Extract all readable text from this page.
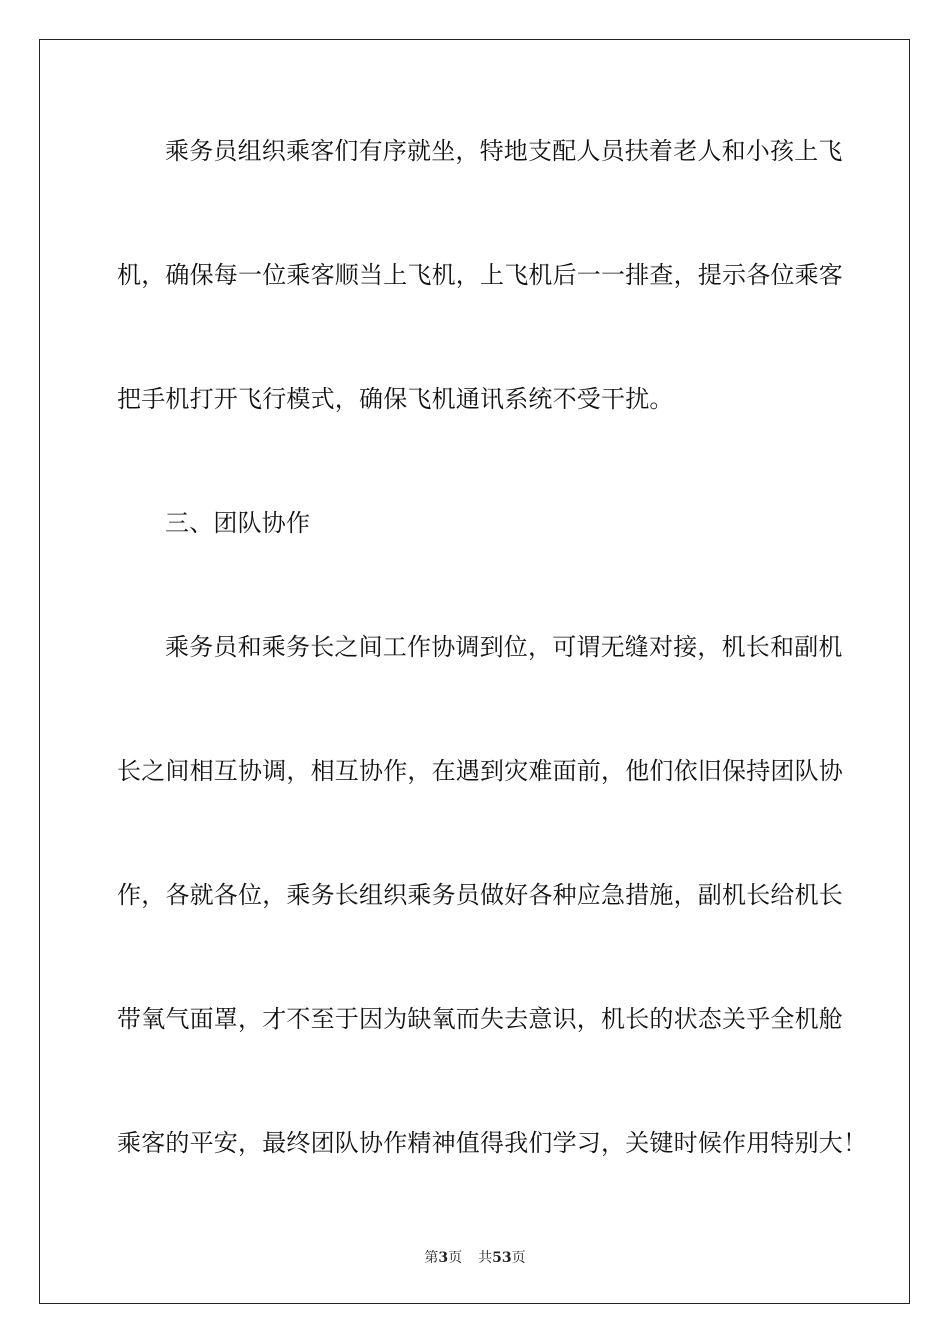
乘务员组织乘客们有序就坐，特地支配人员扶着老人和小孩上飞
机，确保每一位乘客顺当上飞机，上飞机后一一排查，提示各位乘客
把手机打开飞行模式，确保飞机通讯系统不受干扰。
三、团队协作
乘务员和乘务长之间工作协调到位，可谓无缝对接，机长和副机
长之间相互协调，相互协作，在遇到灾难面前，他们依旧保持团队协
作，各就各位，乘务长组织乘务员做好各种应急措施，副机长给机长
带氧气面罩，才不至于因为缺氧而失去意识，机长的状态关乎全机舱
乘客的平安，最终团队协作精神值得我们学习，关键时候作用特别大！
第3页 共53页
